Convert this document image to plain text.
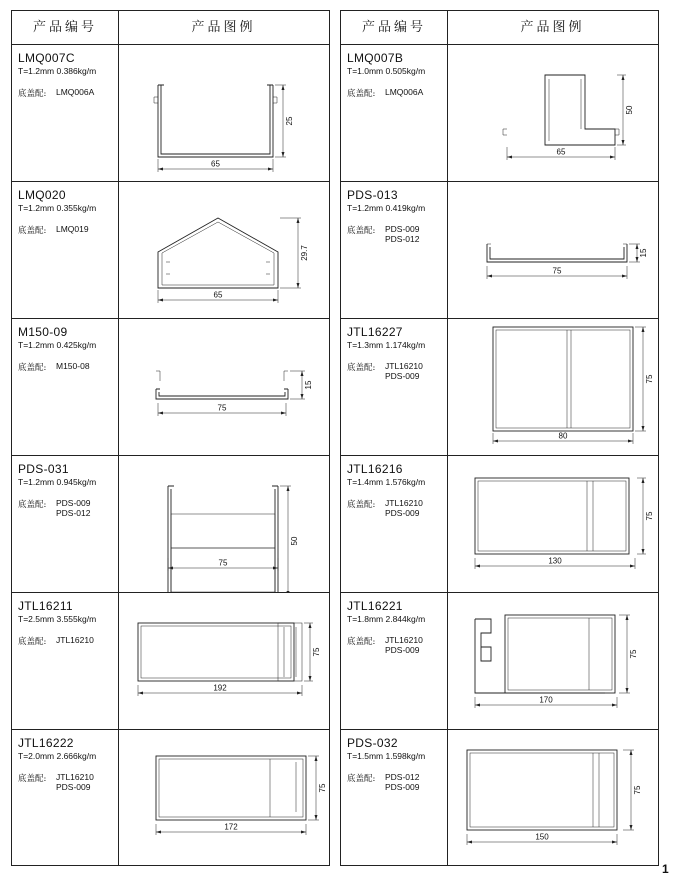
产品编号	产品图例
LMQ007C
T=1.2mm 0.386kg/m
底盖配: LMQ006A
65
25
LMQ020
T=1.2mm 0.355kg/m
底盖配: LMQ019
65
29.7
M150-09
T=1.2mm 0.425kg/m
底盖配: M150-08
75
15
PDS-031
T=1.2mm 0.945kg/m
底盖配: PDS-009
PDS-012
75
50
JTL16211
T=2.5mm 3.555kg/m
底盖配: JTL16210
192
75
JTL16222
T=2.0mm 2.666kg/m
底盖配: JTL16210
PDS-009
172
75
产品编号	产品图例
LMQ007B
T=1.0mm 0.505kg/m
底盖配: LMQ006A
65
50
PDS-013
T=1.2mm 0.419kg/m
底盖配: PDS-009
PDS-012
75
15
JTL16227
T=1.3mm 1.174kg/m
底盖配: JTL16210
PDS-009
80
75
JTL16216
T=1.4mm 1.576kg/m
底盖配: JTL16210
PDS-009
130
75
JTL16221
T=1.8mm 2.844kg/m
底盖配: JTL16210
PDS-009
170
75
PDS-032
T=1.5mm 1.598kg/m
底盖配: PDS-012
PDS-009
150
75
1
